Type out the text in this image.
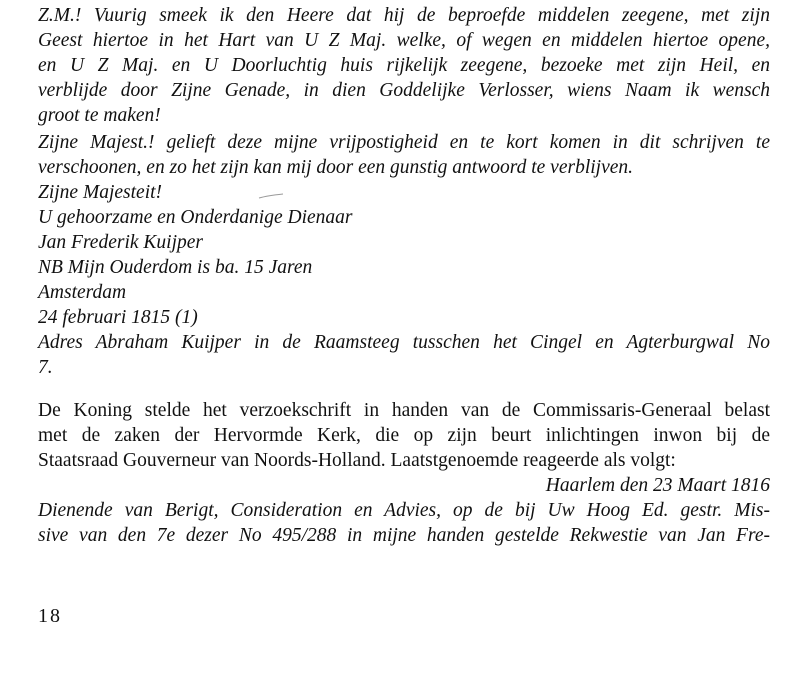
Z.M.! Vuurig smeek ik den Heere dat hij de beproefde middelen zeegene, met zijn
Geest hiertoe in het Hart van U Z Maj. welke, of wegen en middelen hiertoe opene,
en U Z Maj. en U Doorluchtig huis rijkelijk zeegene, bezoeke met zijn Heil, en
verblijde door Zijne Genade, in dien Goddelijke Verlosser, wiens Naam ik wensch
groot te maken!
Zijne Majest.! gelieft deze mijne vrijpostigheid en te kort komen in dit schrijven te
verschoonen, en zo het zijn kan mij door een gunstig antwoord te verblijven.
Zijne Majesteit!
U gehoorzame en Onderdanige Dienaar
Jan Frederik Kuijper
NB Mijn Ouderdom is ba. 15 Jaren
Amsterdam
24 februari 1815 (1)
Adres Abraham Kuijper in de Raamsteeg tusschen het Cingel en Agterburgwal No
7.
De Koning stelde het verzoekschrift in handen van de Commissaris-Generaal belast
met de zaken der Hervormde Kerk, die op zijn beurt inlichtingen inwon bij de
Staatsraad Gouverneur van Noords-Holland. Laatstgenoemde reageerde als volgt:
Haarlem den 23 Maart 1816
Dienende van Berigt, Consideration en Advies, op de bij Uw Hoog Ed. gestr. Mis-
sive van den 7e dezer No 495/288 in mijne handen gestelde Rekwestie van Jan Fre-
18
